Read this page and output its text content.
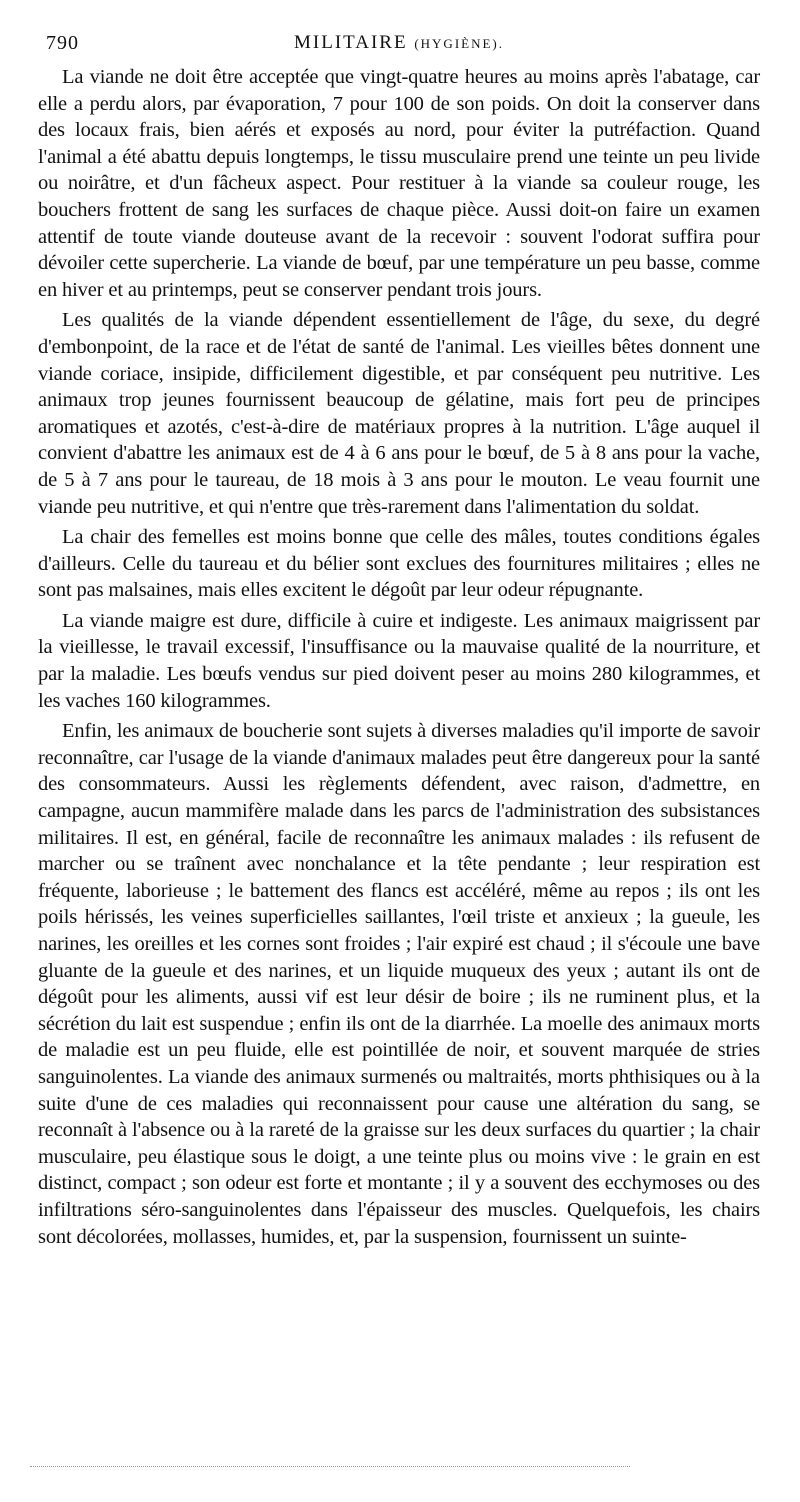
790	MILITAIRE (HYGIÈNE).

La viande ne doit être acceptée que vingt-quatre heures au moins après l'abatage, car elle a perdu alors, par évaporation, 7 pour 100 de son poids. On doit la conserver dans des locaux frais, bien aérés et exposés au nord, pour éviter la putréfaction. Quand l'animal a été abattu depuis longtemps, le tissu musculaire prend une teinte un peu livide ou noirâtre, et d'un fâcheux aspect. Pour restituer à la viande sa couleur rouge, les bouchers frottent de sang les surfaces de chaque pièce. Aussi doit-on faire un examen attentif de toute viande douteuse avant de la recevoir : souvent l'odorat suffira pour dévoiler cette supercherie. La viande de bœuf, par une température un peu basse, comme en hiver et au printemps, peut se conserver pendant trois jours.

Les qualités de la viande dépendent essentiellement de l'âge, du sexe, du degré d'embonpoint, de la race et de l'état de santé de l'animal. Les vieilles bêtes donnent une viande coriace, insipide, difficilement digestible, et par conséquent peu nutritive. Les animaux trop jeunes fournissent beaucoup de gélatine, mais fort peu de principes aromatiques et azotés, c'est-à-dire de matériaux propres à la nutrition. L'âge auquel il convient d'abattre les animaux est de 4 à 6 ans pour le bœuf, de 5 à 8 ans pour la vache, de 5 à 7 ans pour le taureau, de 18 mois à 3 ans pour le mouton. Le veau fournit une viande peu nutritive, et qui n'entre que très-rarement dans l'alimentation du soldat.

La chair des femelles est moins bonne que celle des mâles, toutes conditions égales d'ailleurs. Celle du taureau et du bélier sont exclues des fournitures militaires ; elles ne sont pas malsaines, mais elles excitent le dégoût par leur odeur répugnante.

La viande maigre est dure, difficile à cuire et indigeste. Les animaux maigrissent par la vieillesse, le travail excessif, l'insuffisance ou la mauvaise qualité de la nourriture, et par la maladie. Les bœufs vendus sur pied doivent peser au moins 280 kilogrammes, et les vaches 160 kilogrammes.

Enfin, les animaux de boucherie sont sujets à diverses maladies qu'il importe de savoir reconnaître, car l'usage de la viande d'animaux malades peut être dangereux pour la santé des consommateurs. Aussi les règlements défendent, avec raison, d'admettre, en campagne, aucun mammifère malade dans les parcs de l'administration des subsistances militaires. Il est, en général, facile de reconnaître les animaux malades : ils refusent de marcher ou se traînent avec nonchalance et la tête pendante ; leur respiration est fréquente, laborieuse ; le battement des flancs est accéléré, même au repos ; ils ont les poils hérissés, les veines superficielles saillantes, l'œil triste et anxieux ; la gueule, les narines, les oreilles et les cornes sont froides ; l'air expiré est chaud ; il s'écoule une bave gluante de la gueule et des narines, et un liquide muqueux des yeux ; autant ils ont de dégoût pour les aliments, aussi vif est leur désir de boire ; ils ne ruminent plus, et la sécrétion du lait est suspendue ; enfin ils ont de la diarrhée. La moelle des animaux morts de maladie est un peu fluide, elle est pointillée de noir, et souvent marquée de stries sanguinolentes. La viande des animaux surmenés ou maltraités, morts phthisiques ou à la suite d'une de ces maladies qui reconnaissent pour cause une altération du sang, se reconnaît à l'absence ou à la rareté de la graisse sur les deux surfaces du quartier ; la chair musculaire, peu élastique sous le doigt, a une teinte plus ou moins vive : le grain en est distinct, compact ; son odeur est forte et montante ; il y a souvent des ecchymoses ou des infiltrations séro-sanguinolentes dans l'épaisseur des muscles. Quelquefois, les chairs sont décolorées, mollasses, humides, et, par la suspension, fournissent un suinte-
